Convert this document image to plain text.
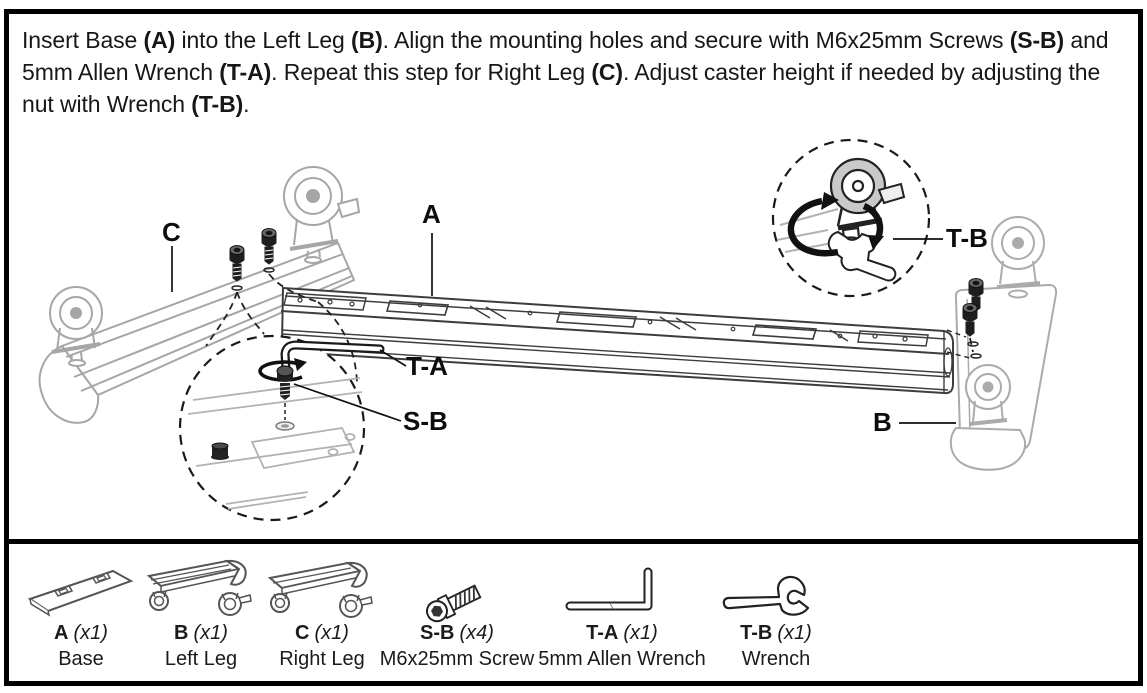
Insert Base (A) into the Left Leg (B). Align the mounting holes and secure with M6x25mm Screws (S-B) and 5mm Allen Wrench (T-A). Repeat this step for Right Leg (C). Adjust caster height if needed by adjusting the nut with Wrench (T-B).
C
A
T-A
S-B
T-B
B
A (x1)
Base
B (x1)
Left Leg
C (x1)
Right Leg
S-B (x4)
M6x25mm Screw
T-A (x1)
5mm Allen Wrench
T-B (x1)
Wrench
